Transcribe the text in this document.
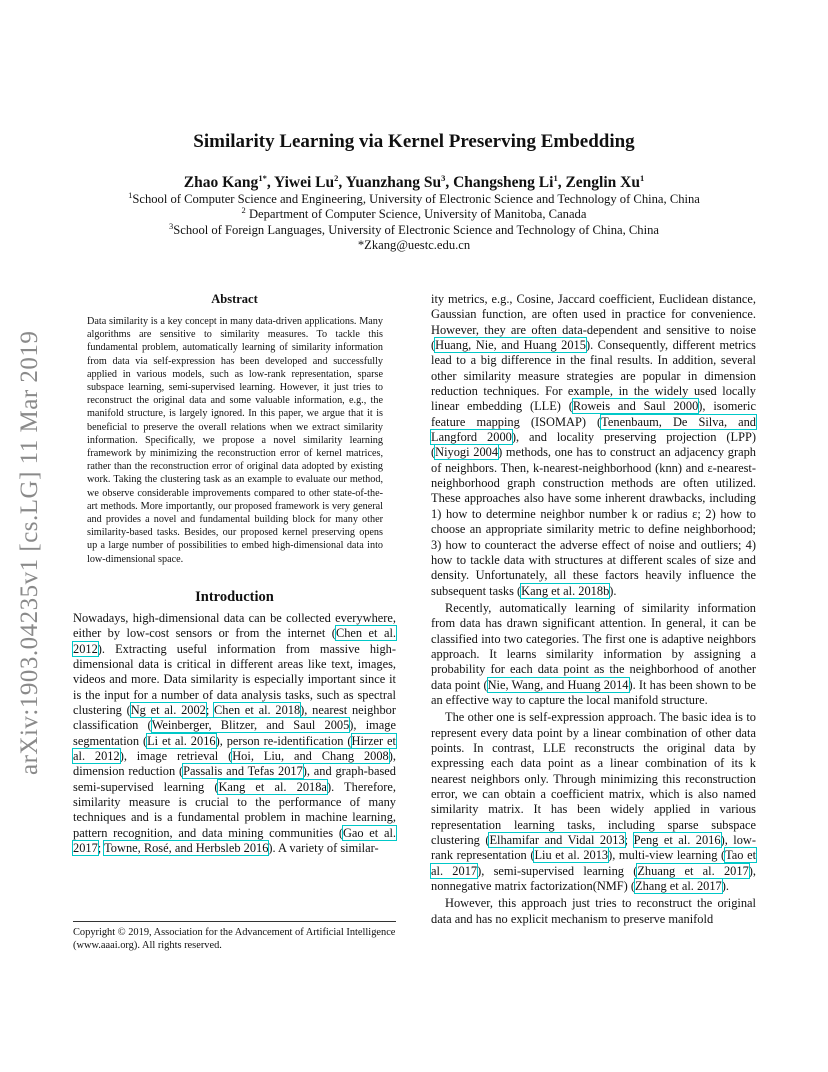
arXiv:1903.04235v1 [cs.LG] 11 Mar 2019
Similarity Learning via Kernel Preserving Embedding
Zhao Kang$^{1*}$, Yiwei Lu$^2$, Yuanzhang Su$^3$, Changsheng Li$^1$, Zenglin Xu$^1$
$^1$School of Computer Science and Engineering, University of Electronic Science and Technology of China, China
$^2$ Department of Computer Science, University of Manitoba, Canada
$^3$School of Foreign Languages, University of Electronic Science and Technology of China, China
*Zkang@uestc.edu.cn
Abstract

Data similarity is a key concept in many data-driven applications. Many algorithms are sensitive to similarity measures. To tackle this fundamental problem, automatically learning of similarity information from data via self-expression has been developed and successfully applied in various models, such as low-rank representation, sparse subspace learning, semi-supervised learning. However, it just tries to reconstruct the original data and some valuable information, e.g., the manifold structure, is largely ignored. In this paper, we argue that it is beneficial to preserve the overall relations when we extract similarity information. Specifically, we propose a novel similarity learning framework by minimizing the reconstruction error of kernel matrices, rather than the reconstruction error of original data adopted by existing work. Taking the clustering task as an example to evaluate our method, we observe considerable improvements compared to other state-of-the-art methods. More importantly, our proposed framework is very general and provides a novel and fundamental building block for many other similarity-based tasks. Besides, our proposed kernel preserving opens up a large number of possibilities to embed high-dimensional data into low-dimensional space.

Introduction

Nowadays, high-dimensional data can be collected everywhere, either by low-cost sensors or from the internet (Chen et al. 2012). Extracting useful information from massive high-dimensional data is critical in different areas like text, images, videos and more. Data similarity is especially important since it is the input for a number of data analysis tasks, such as spectral clustering (Ng et al. 2002; Chen et al. 2018), nearest neighbor classification (Weinberger, Blitzer, and Saul 2005), image segmentation (Li et al. 2016), person re-identification (Hirzer et al. 2012), image retrieval (Hoi, Liu, and Chang 2008), dimension reduction (Passalis and Tefas 2017), and graph-based semi-supervised learning (Kang et al. 2018a). Therefore, similarity measure is crucial to the performance of many techniques and is a fundamental problem in machine learning, pattern recognition, and data mining communities (Gao et al. 2017; Towne, Rosé, and Herbsleb 2016). A variety of similar-

Copyright © 2019, Association for the Advancement of Artificial Intelligence (www.aaai.org). All rights reserved.

ity metrics, e.g., Cosine, Jaccard coefficient, Euclidean distance, Gaussian function, are often used in practice for convenience. However, they are often data-dependent and sensitive to noise (Huang, Nie, and Huang 2015). Consequently, different metrics lead to a big difference in the final results. In addition, several other similarity measure strategies are popular in dimension reduction techniques. For example, in the widely used locally linear embedding (LLE) (Roweis and Saul 2000), isomeric feature mapping (ISOMAP) (Tenenbaum, De Silva, and Langford 2000), and locality preserving projection (LPP) (Niyogi 2004) methods, one has to construct an adjacency graph of neighbors. Then, k-nearest-neighborhood (knn) and ε-nearest-neighborhood graph construction methods are often utilized. These approaches also have some inherent drawbacks, including 1) how to determine neighbor number k or radius ε; 2) how to choose an appropriate similarity metric to define neighborhood; 3) how to counteract the adverse effect of noise and outliers; 4) how to tackle data with structures at different scales of size and density. Unfortunately, all these factors heavily influence the subsequent tasks (Kang et al. 2018b).

Recently, automatically learning of similarity information from data has drawn significant attention. In general, it can be classified into two categories. The first one is adaptive neighbors approach. It learns similarity information by assigning a probability for each data point as the neighborhood of another data point (Nie, Wang, and Huang 2014). It has been shown to be an effective way to capture the local manifold structure.

The other one is self-expression approach. The basic idea is to represent every data point by a linear combination of other data points. In contrast, LLE reconstructs the original data by expressing each data point as a linear combination of its k nearest neighbors only. Through minimizing this reconstruction error, we can obtain a coefficient matrix, which is also named similarity matrix. It has been widely applied in various representation learning tasks, including sparse subspace clustering (Elhamifar and Vidal 2013; Peng et al. 2016), low-rank representation (Liu et al. 2013), multi-view learning (Tao et al. 2017), semi-supervised learning (Zhuang et al. 2017), nonnegative matrix factorization(NMF) (Zhang et al. 2017).

However, this approach just tries to reconstruct the original data and has no explicit mechanism to preserve manifold
